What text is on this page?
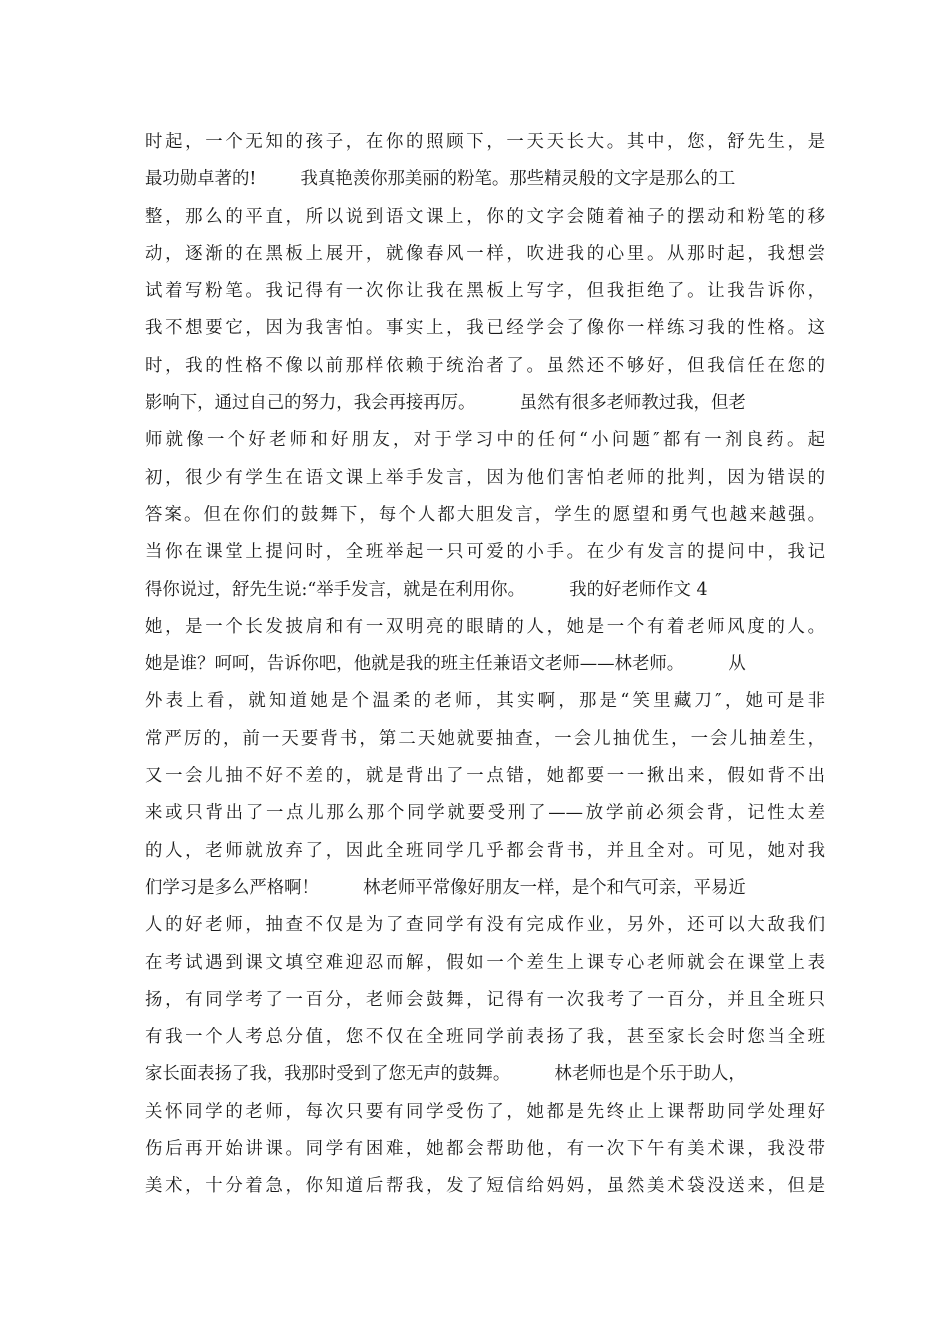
时起，一个无知的孩子，在你的照顾下，一天天长大。其中，您，舒先生，是
最功勋卓著的!        我真艳羡你那美丽的粉笔。那些精灵般的文字是那么的工
整，那么的平直，所以说到语文课上，你的文字会随着袖子的摆动和粉笔的移
动，逐渐的在黑板上展开，就像春风一样，吹进我的心里。从那时起，我想尝
试着写粉笔。我记得有一次你让我在黑板上写字，但我拒绝了。让我告诉你，
我不想要它，因为我害怕。事实上，我已经学会了像你一样练习我的性格。这
时，我的性格不像以前那样依赖于统治者了。虽然还不够好，但我信任在您的
影响下，通过自己的努力，我会再接再厉。        虽然有很多老师教过我，但老
师就像一个好老师和好朋友，对于学习中的任何“小问题″都有一剂良药。起
初，很少有学生在语文课上举手发言，因为他们害怕老师的批判，因为错误的
答案。但在你们的鼓舞下，每个人都大胆发言，学生的愿望和勇气也越来越强。
当你在课堂上提问时，全班举起一只可爱的小手。在少有发言的提问中，我记
得你说过，舒先生说:“举手发言，就是在利用你。        我的好老师作文 4
她，是一个长发披肩和有一双明亮的眼睛的人，她是一个有着老师风度的人。
她是谁？呵呵，告诉你吧，他就是我的班主任兼语文老师——林老师。        从
外表上看，就知道她是个温柔的老师，其实啊，那是“笑里藏刀″，她可是非
常严厉的，前一天要背书，第二天她就要抽查，一会儿抽优生，一会儿抽差生，
又一会儿抽不好不差的，就是背出了一点错，她都要一一揪出来，假如背不出
来或只背出了一点儿那么那个同学就要受刑了——放学前必须会背，记性太差
的人，老师就放弃了，因此全班同学几乎都会背书，并且全对。可见，她对我
们学习是多么严格啊！        林老师平常像好朋友一样，是个和气可亲，平易近
人的好老师，抽查不仅是为了查同学有没有完成作业，另外，还可以大敌我们
在考试遇到课文填空难迎忍而解，假如一个差生上课专心老师就会在课堂上表
扬，有同学考了一百分，老师会鼓舞，记得有一次我考了一百分，并且全班只
有我一个人考总分值，您不仅在全班同学前表扬了我，甚至家长会时您当全班
家长面表扬了我，我那时受到了您无声的鼓舞。        林老师也是个乐于助人，
关怀同学的老师，每次只要有同学受伤了，她都是先终止上课帮助同学处理好
伤后再开始讲课。同学有困难，她都会帮助他，有一次下午有美术课，我没带
美术，十分着急，你知道后帮我，发了短信给妈妈，虽然美术袋没送来，但是
